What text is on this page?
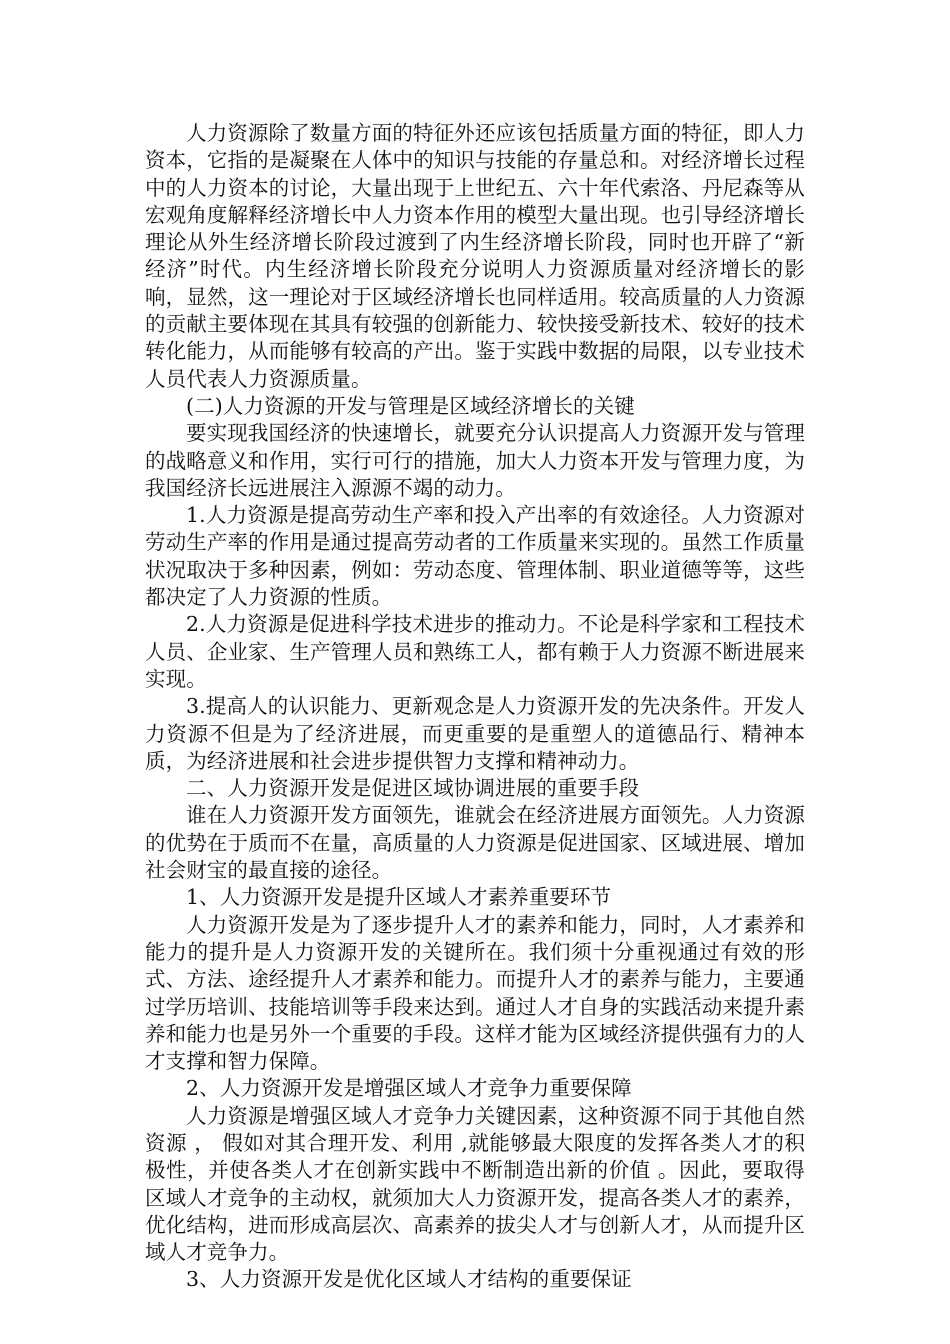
人力资源除了数量方面的特征外还应该包括质量方面的特征，即人力资本，它指的是凝聚在人体中的知识与技能的存量总和。对经济增长过程中的人力资本的讨论，大量出现于上世纪五、六十年代索洛、丹尼森等从宏观角度解释经济增长中人力资本作用的模型大量出现。也引导经济增长理论从外生经济增长阶段过渡到了内生经济增长阶段，同时也开辟了“新经济”时代。内生经济增长阶段充分说明人力资源质量对经济增长的影响，显然，这一理论对于区域经济增长也同样适用。较高质量的人力资源的贡献主要体现在其具有较强的创新能力、较快接受新技术、较好的技术转化能力，从而能够有较高的产出。鉴于实践中数据的局限，以专业技术人员代表人力资源质量。

(二)人力资源的开发与管理是区域经济增长的关键

要实现我国经济的快速增长，就要充分认识提高人力资源开发与管理的战略意义和作用，实行可行的措施，加大人力资本开发与管理力度，为我国经济长远进展注入源源不竭的动力。

1.人力资源是提高劳动生产率和投入产出率的有效途径。人力资源对劳动生产率的作用是通过提高劳动者的工作质量来实现的。虽然工作质量状况取决于多种因素，例如：劳动态度、管理体制、职业道德等等，这些都决定了人力资源的性质。

2.人力资源是促进科学技术进步的推动力。不论是科学家和工程技术人员、企业家、生产管理人员和熟练工人，都有赖于人力资源不断进展来实现。

3.提高人的认识能力、更新观念是人力资源开发的先决条件。开发人力资源不但是为了经济进展，而更重要的是重塑人的道德品行、精神本质，为经济进展和社会进步提供智力支撑和精神动力。

二、人力资源开发是促进区域协调进展的重要手段

谁在人力资源开发方面领先，谁就会在经济进展方面领先。人力资源的优势在于质而不在量，高质量的人力资源是促进国家、区域进展、增加社会财宝的最直接的途径。

1、人力资源开发是提升区域人才素养重要环节

人力资源开发是为了逐步提升人才的素养和能力，同时，人才素养和能力的提升是人力资源开发的关键所在。我们须十分重视通过有效的形式、方法、途经提升人才素养和能力。而提升人才的素养与能力，主要通过学历培训、技能培训等手段来达到。通过人才自身的实践活动来提升素养和能力也是另外一个重要的手段。这样才能为区域经济提供强有力的人才支撑和智力保障。

2、人力资源开发是增强区域人才竞争力重要保障

人力资源是增强区域人才竞争力关键因素，这种资源不同于其他自然资源 ， 假如对其合理开发、利用 ,就能够最大限度的发挥各类人才的积极性，并使各类人才在创新实践中不断制造出新的价值 。因此，要取得区域人才竞争的主动权，就须加大人力资源开发，提高各类人才的素养，优化结构，进而形成高层次、高素养的拔尖人才与创新人才，从而提升区域人才竞争力。

3、人力资源开发是优化区域人才结构的重要保证
